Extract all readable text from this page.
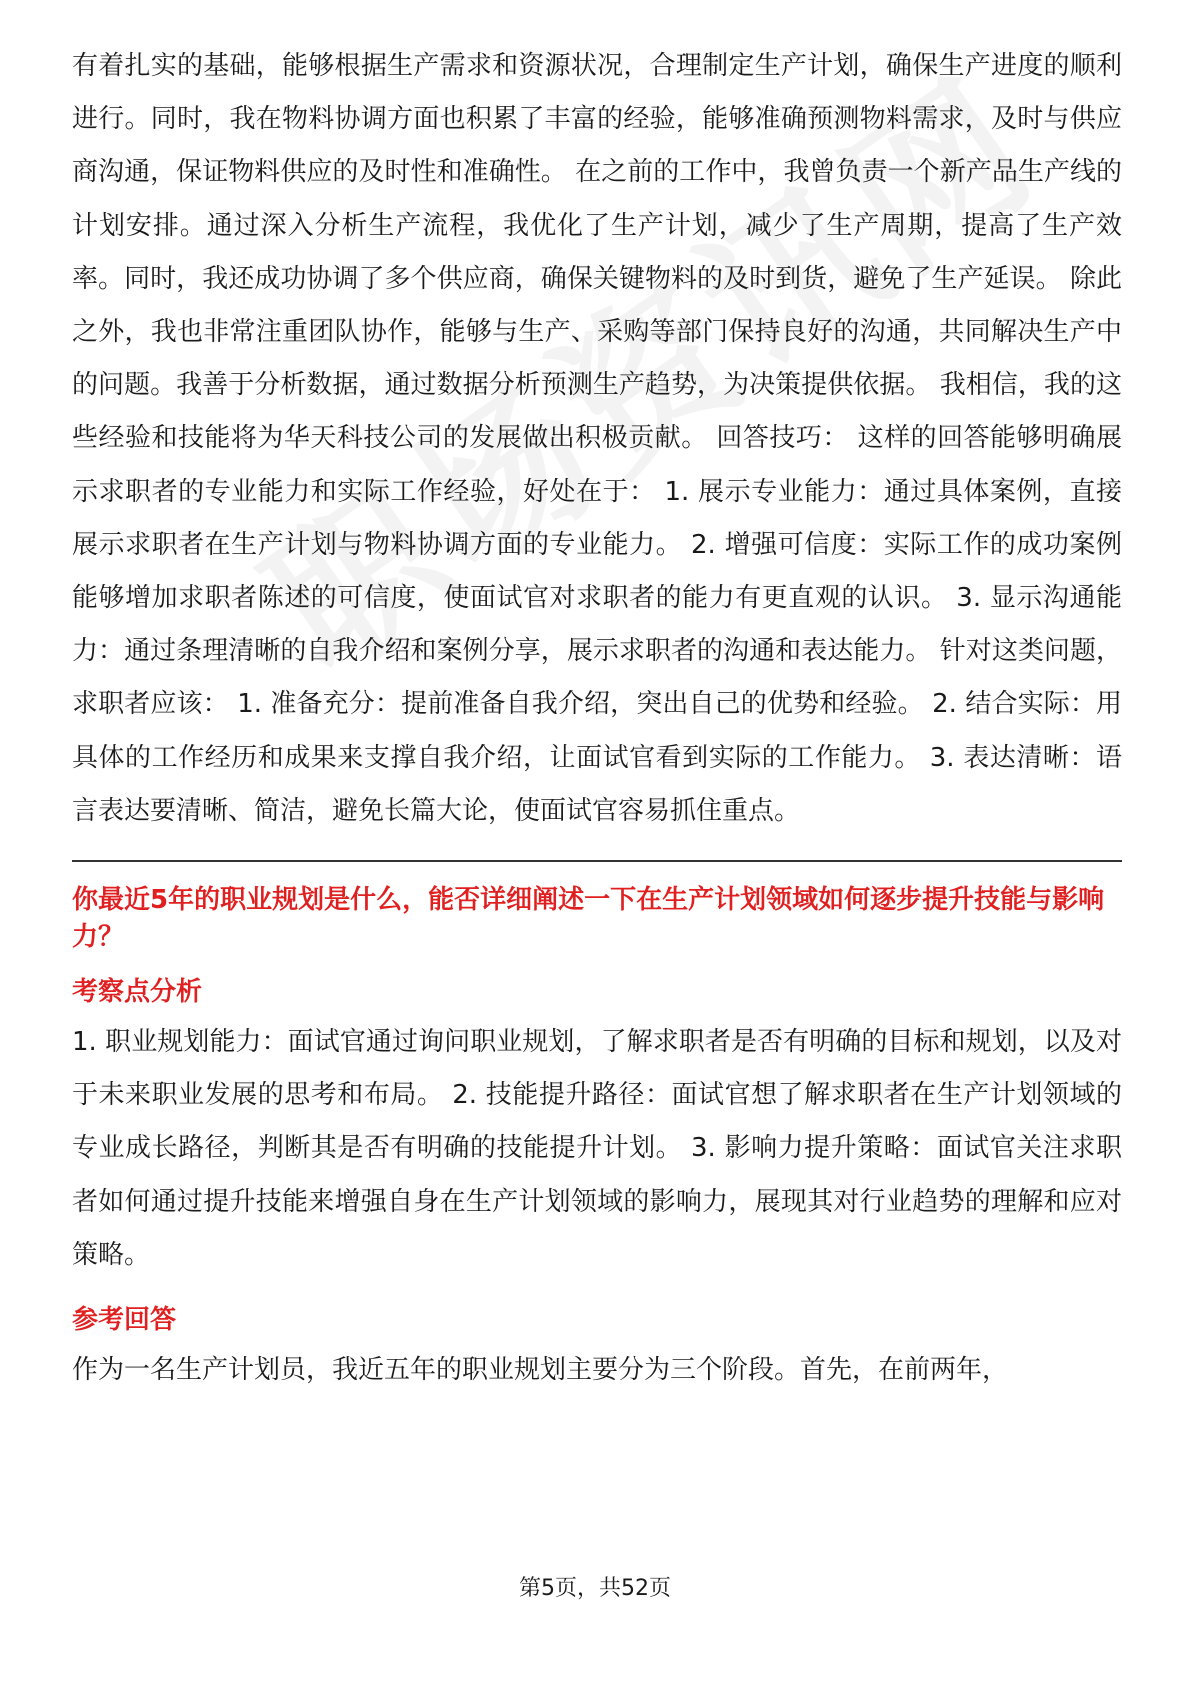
有着扎实的基础，能够根据生产需求和资源状况，合理制定生产计划，确保生产进度的顺利进行。同时，我在物料协调方面也积累了丰富的经验，能够准确预测物料需求，及时与供应商沟通，保证物料供应的及时性和准确性。 在之前的工作中，我曾负责一个新产品生产线的计划安排。通过深入分析生产流程，我优化了生产计划，减少了生产周期，提高了生产效率。同时，我还成功协调了多个供应商，确保关键物料的及时到货，避免了生产延误。 除此之外，我也非常注重团队协作，能够与生产、采购等部门保持良好的沟通，共同解决生产中的问题。我善于分析数据，通过数据分析预测生产趋势，为决策提供依据。 我相信，我的这些经验和技能将为华天科技公司的发展做出积极贡献。 回答技巧： 这样的回答能够明确展示求职者的专业能力和实际工作经验，好处在于： 1. 展示专业能力：通过具体案例，直接展示求职者在生产计划与物料协调方面的专业能力。 2. 增强可信度：实际工作的成功案例能够增加求职者陈述的可信度，使面试官对求职者的能力有更直观的认识。 3. 显示沟通能力：通过条理清晰的自我介绍和案例分享，展示求职者的沟通和表达能力。 针对这类问题，求职者应该： 1. 准备充分：提前准备自我介绍，突出自己的优势和经验。 2. 结合实际：用具体的工作经历和成果来支撑自我介绍，让面试官看到实际的工作能力。 3. 表达清晰：语言表达要清晰、简洁，避免长篇大论，使面试官容易抓住重点。

你最近5年的职业规划是什么，能否详细阐述一下在生产计划领域如何逐步提升技能与影响力？

考察点分析

1. 职业规划能力：面试官通过询问职业规划，了解求职者是否有明确的目标和规划，以及对于未来职业发展的思考和布局。 2. 技能提升路径：面试官想了解求职者在生产计划领域的专业成长路径，判断其是否有明确的技能提升计划。 3. 影响力提升策略：面试官关注求职者如何通过提升技能来增强自身在生产计划领域的影响力，展现其对行业趋势的理解和应对策略。

参考回答

作为一名生产计划员，我近五年的职业规划主要分为三个阶段。首先，在前两年，

第5页，共52页
